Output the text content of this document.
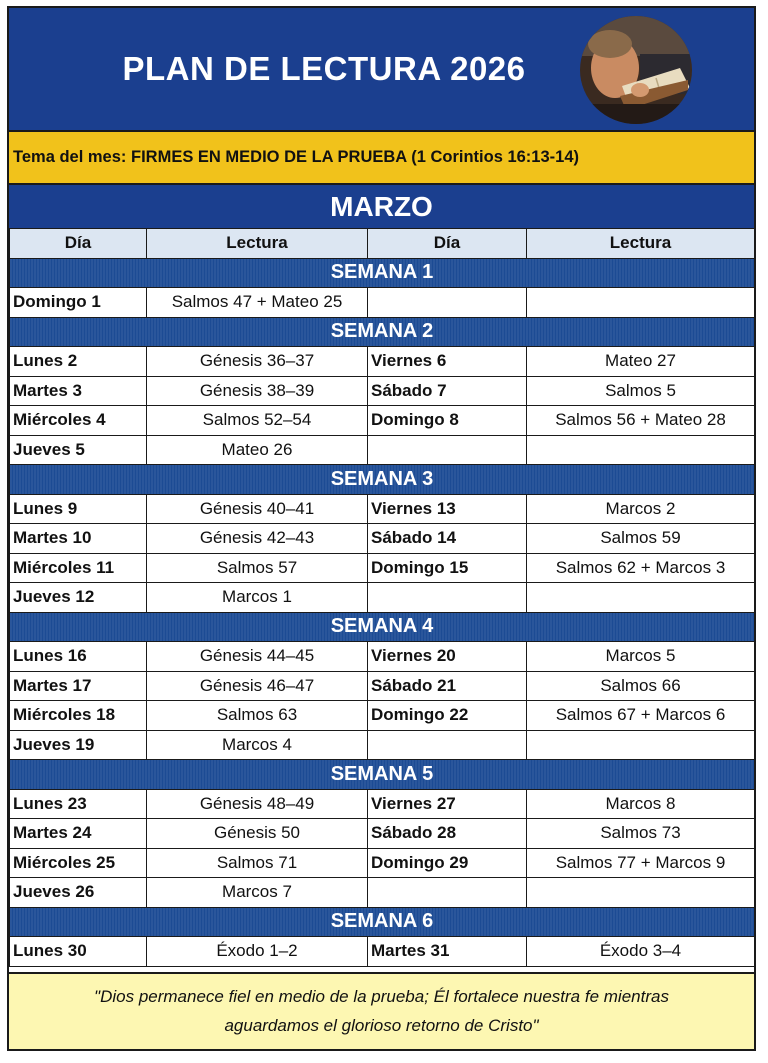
PLAN DE LECTURA 2026
Tema del mes: FIRMES EN MEDIO DE LA PRUEBA (1 Corintios 16:13-14)
MARZO
Día	Lectura	Día	Lectura
SEMANA 1			
Domingo 1	Salmos 47 + Mateo 25		
SEMANA 2			
Lunes 2	Génesis 36–37	Viernes 6	Mateo 27
Martes 3	Génesis 38–39	Sábado 7	Salmos 5
Miércoles 4	Salmos 52–54	Domingo 8	Salmos 56 + Mateo 28
Jueves 5	Mateo 26		
SEMANA 3			
Lunes 9	Génesis 40–41	Viernes 13	Marcos 2
Martes 10	Génesis 42–43	Sábado 14	Salmos 59
Miércoles 11	Salmos 57	Domingo 15	Salmos 62 + Marcos 3
Jueves 12	Marcos 1		
SEMANA 4			
Lunes 16	Génesis 44–45	Viernes 20	Marcos 5
Martes 17	Génesis 46–47	Sábado 21	Salmos 66
Miércoles 18	Salmos 63	Domingo 22	Salmos 67 + Marcos 6
Jueves 19	Marcos 4		
SEMANA 5			
Lunes 23	Génesis 48–49	Viernes 27	Marcos 8
Martes 24	Génesis 50	Sábado 28	Salmos 73
Miércoles 25	Salmos 71	Domingo 29	Salmos 77 + Marcos 9
Jueves 26	Marcos 7		
SEMANA 6			
Lunes 30	Éxodo 1–2	Martes 31	Éxodo 3–4
"Dios permanece fiel en medio de la prueba; Él fortalece nuestra fe mientras
aguardamos el glorioso retorno de Cristo"
